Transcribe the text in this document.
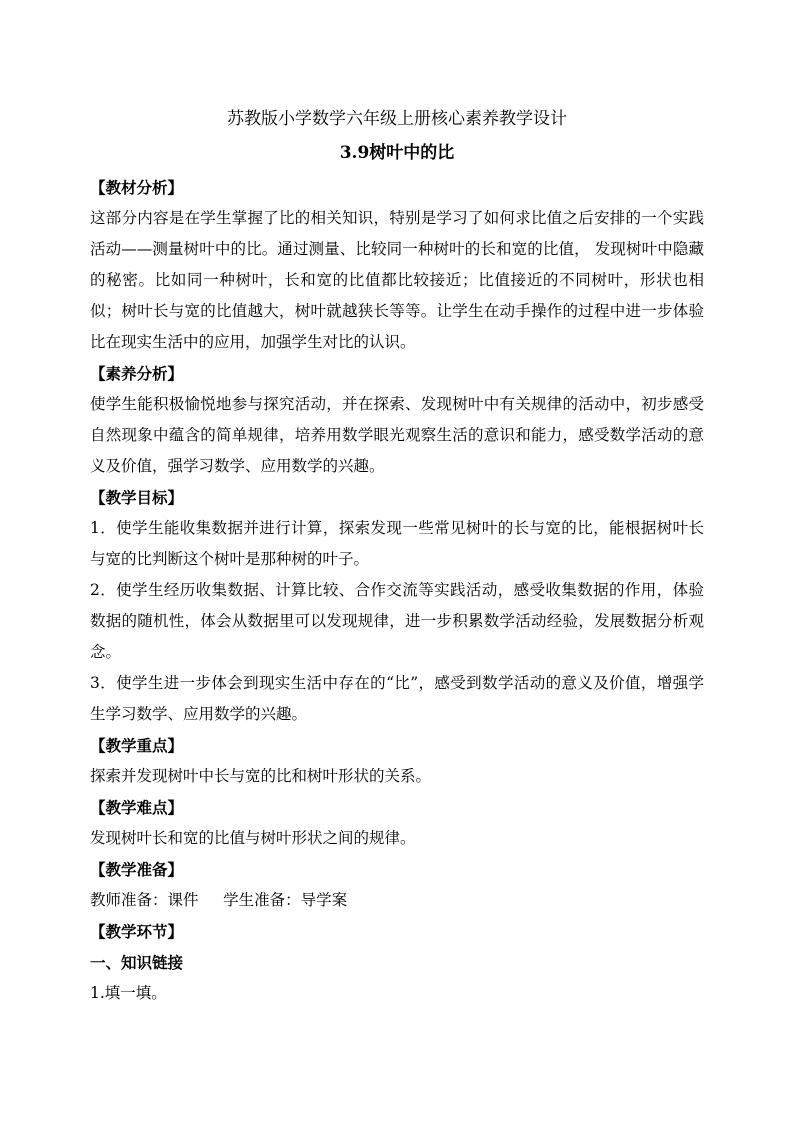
苏教版小学数学六年级上册核心素养教学设计
3.9树叶中的比

【教材分析】

这部分内容是在学生掌握了比的相关知识，特别是学习了如何求比值之后安排的一个实践活动——测量树叶中的比。通过测量、比较同一种树叶的长和宽的比值， 发现树叶中隐藏的秘密。比如同一种树叶，长和宽的比值都比较接近；比值接近的不同树叶，形状也相似；树叶长与宽的比值越大，树叶就越狭长等等。让学生在动手操作的过程中进一步体验比在现实生活中的应用，加强学生对比的认识。

【素养分析】

使学生能积极愉悦地参与探究活动，并在探索、发现树叶中有关规律的活动中，初步感受自然现象中蕴含的简单规律，培养用数学眼光观察生活的意识和能力，感受数学活动的意义及价值，强学习数学、应用数学的兴趣。

【教学目标】

1．使学生能收集数据并进行计算，探索发现一些常见树叶的长与宽的比，能根据树叶长与宽的比判断这个树叶是那种树的叶子。

2．使学生经历收集数据、计算比较、合作交流等实践活动，感受收集数据的作用，体验数据的随机性，体会从数据里可以发现规律，进一步积累数学活动经验，发展数据分析观念。

3．使学生进一步体会到现实生活中存在的“比”，感受到数学活动的意义及价值，增强学生学习数学、应用数学的兴趣。

【教学重点】

探索并发现树叶中长与宽的比和树叶形状的关系。

【教学难点】

发现树叶长和宽的比值与树叶形状之间的规律。

【教学准备】

教师准备：课件     学生准备：导学案

【教学环节】

一、知识链接

1.填一填。
